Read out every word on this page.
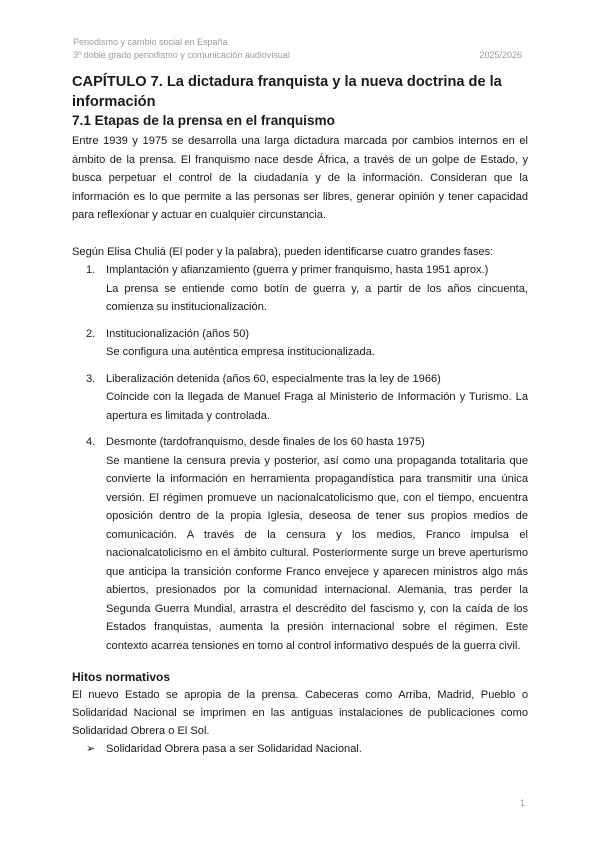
Periodismo y cambio social en España
3º doble grado periodismo y comunicación audiovisual	2025/2026
CAPÍTULO 7. La dictadura franquista y la nueva doctrina de la información
7.1 Etapas de la prensa en el franquismo

Entre 1939 y 1975 se desarrolla una larga dictadura marcada por cambios internos en el ámbito de la prensa. El franquismo nace desde África, a través de un golpe de Estado, y busca perpetuar el control de la ciudadanía y de la información. Consideran que la información es lo que permite a las personas ser libres, generar opinión y tener capacidad para reflexionar y actuar en cualquier circunstancia.

Según Elisa Chuliá (El poder y la palabra), pueden identificarse cuatro grandes fases:

1. Implantación y afianzamiento (guerra y primer franquismo, hasta 1951 aprox.)

La prensa se entiende como botín de guerra y, a partir de los años cincuenta, comienza su institucionalización.

2. Institucionalización (años 50)

Se configura una auténtica empresa institucionalizada.

3. Liberalización detenida (años 60, especialmente tras la ley de 1966)

Coincide con la llegada de Manuel Fraga al Ministerio de Información y Turismo. La apertura es limitada y controlada.

4. Desmonte (tardofranquismo, desde finales de los 60 hasta 1975)

Se mantiene la censura previa y posterior, así como una propaganda totalitaria que convierte la información en herramienta propagandística para transmitir una única versión. El régimen promueve un nacionalcatolicismo que, con el tiempo, encuentra oposición dentro de la propia Iglesia, deseosa de tener sus propios medios de comunicación. A través de la censura y los medios, Franco impulsa el nacionalcatolicismo en el ámbito cultural. Posteriormente surge un breve aperturismo que anticipa la transición conforme Franco envejece y aparecen ministros algo más abiertos, presionados por la comunidad internacional. Alemania, tras perder la Segunda Guerra Mundial, arrastra el descrédito del fascismo y, con la caída de los Estados franquistas, aumenta la presión internacional sobre el régimen. Este contexto acarrea tensiones en torno al control informativo después de la guerra civil.

Hitos normativos

El nuevo Estado se apropia de la prensa. Cabeceras como Arriba, Madrid, Pueblo o Solidaridad Nacional se imprimen en las antiguas instalaciones de publicaciones como Solidaridad Obrera o El Sol.

➢ Solidaridad Obrera pasa a ser Solidaridad Nacional.
1
